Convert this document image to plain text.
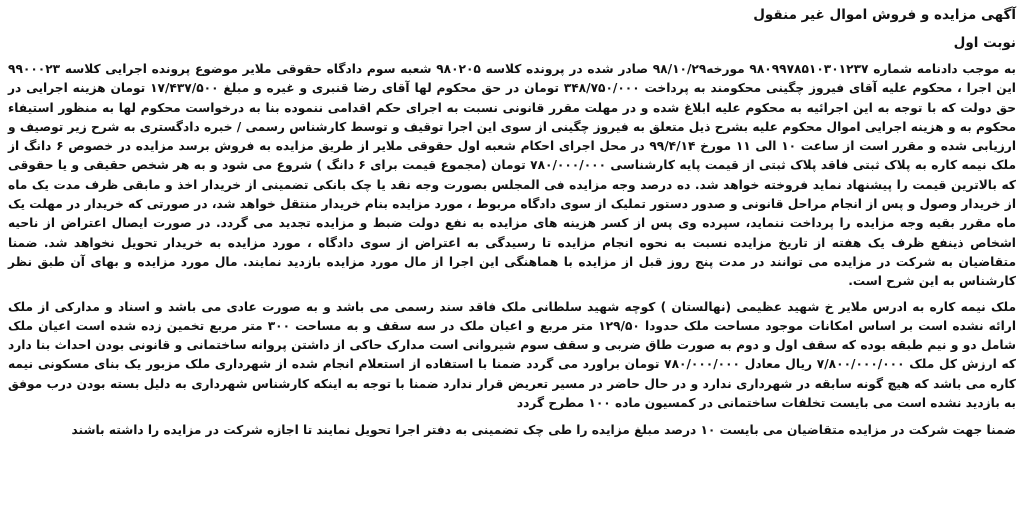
آگهی مزایده و فروش اموال غیر منقول
نوبت اول
به موجب دادنامه شماره ۹۸۰۹۹۷۸۵۱۰۳۰۱۲۳۷ مورخه۹۸/۱۰/۲۹ صادر شده در پرونده کلاسه ۹۸۰۲۰۵ شعبه سوم دادگاه حقوقی ملایر موضوع پرونده اجرایی کلاسه ۹۹۰۰۰۲۳ این اجرا ، محکوم علیه آقای فیروز چگینی محکومند به پرداخت ۳۴۸/۷۵۰/۰۰۰ تومان در حق محکوم لها آقای رضا قنبری و غیره و مبلغ ۱۷/۴۳۷/۵۰۰ تومان هزینه اجرایی در حق دولت که با توجه به این اجرائیه به محکوم علیه ابلاغ شده و در مهلت مقرر قانونی نسبت به اجرای حکم اقدامی ننموده بنا به درخواست محکوم لها به منظور استیفاء محکوم به و هزینه اجرایی اموال محکوم علیه بشرح ذیل متعلق به فیروز چگینی از سوی این اجرا توقیف و توسط کارشناس رسمی / خبره دادگستری به شرح زیر توصیف و ارزیابی شده و مقرر است از ساعت ۱۰ الی ۱۱ مورخ ۹۹/۴/۱۴ در محل اجرای احکام شعبه اول حقوقی ملایر از طریق مزایده به فروش برسد مزایده در خصوص ۶ دانگ از ملک نیمه کاره به پلاک ثبتی فاقد پلاک ثبتی از قیمت پایه کارشناسی ۷۸۰/۰۰۰/۰۰۰ تومان (مجموع قیمت برای ۶ دانگ ) شروع می شود و به هر شخص حقیقی و یا حقوقی که بالاترین قیمت را پیشنهاد نماید فروخته خواهد شد. ده درصد وجه مزایده فی المجلس بصورت وجه نقد یا چک بانکی تضمینی از خریدار اخذ و مابقی ظرف مدت یک ماه از خریدار وصول و پس از انجام مراحل قانونی و صدور دستور تملیک از سوی دادگاه مربوط ، مورد مزایده بنام خریدار منتقل خواهد شد، در صورتی که خریدار در مهلت یک ماه مقرر بقیه وجه مزایده را پرداخت ننماید، سپرده وی پس از کسر هزینه های مزایده به نفع دولت ضبط و مزایده تجدید می گردد. در صورت ایصال اعتراض از ناحیه اشخاص ذینفع ظرف یک هفته از تاریخ مزایده نسبت به نحوه انجام مزایده تا رسیدگی به اعتراض از سوی دادگاه ، مورد مزایده به خریدار تحویل نخواهد شد. ضمنا متقاضیان به شرکت در مزایده می توانند در مدت پنج روز قبل از مزایده با هماهنگی این اجرا از مال مورد مزایده بازدید نمایند. مال مورد مزایده و بهای آن طبق نظر کارشناس به این شرح است.
ملک نیمه کاره به ادرس ملایر خ شهید عظیمی (نهالستان ) کوچه شهید سلطانی ملک فاقد سند رسمی می باشد و به صورت عادی می باشد و اسناد و مدارکی از ملک ارائه نشده است بر اساس امکانات موجود مساحت ملک حدودا ۱۲۹/۵۰ متر مربع و اعیان ملک در سه سقف و به مساحت ۳۰۰ متر مربع تخمین زده شده است اعیان ملک شامل دو و نیم طبقه بوده که سقف اول و دوم به صورت طاق ضربی و سقف سوم شیروانی است مدارک حاکی از داشتن پروانه ساختمانی و قانونی بودن احداث بنا دارد که ارزش کل ملک ۷/۸۰۰/۰۰۰/۰۰۰ ریال معادل ۷۸۰/۰۰۰/۰۰۰ تومان براورد می گردد ضمنا با استفاده از استعلام انجام شده از شهرداری ملک مزبور یک بنای مسکونی نیمه کاره می باشد که هیچ گونه سابقه در شهرداری ندارد و در حال حاضر در مسیر تعریض قرار ندارد ضمنا با توجه به اینکه کارشناس شهرداری به دلیل بسته بودن درب موفق به بازدید نشده است می بایست تخلفات ساختمانی در کمسیون ماده ۱۰۰ مطرح گردد
ضمنا جهت شرکت در مزایده متقاضیان می بایست ۱۰ درصد مبلغ مزایده را طی چک تضمینی به دفتر اجرا تحویل نمایند تا اجازه شرکت در مزایده را داشته باشند
